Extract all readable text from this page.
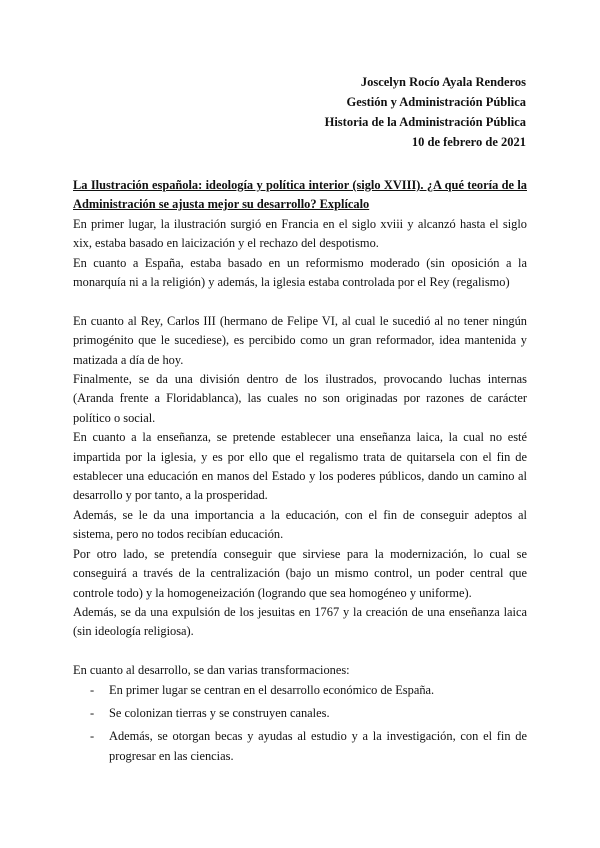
Joscelyn Rocío Ayala Renderos
Gestión y Administración Pública
Historia de la Administración Pública
10 de febrero de 2021

La Ilustración española: ideología y política interior (siglo XVIII). ¿A qué teoría de la Administración se ajusta mejor su desarrollo? Explícalo

En primer lugar, la ilustración surgió en Francia en el siglo xviii y alcanzó hasta el siglo xix, estaba basado en laicización y el rechazo del despotismo.

En cuanto a España, estaba basado en un reformismo moderado (sin oposición a la monarquía ni a la religión) y además, la iglesia estaba controlada por el Rey (regalismo)

En cuanto al Rey, Carlos III (hermano de Felipe VI, al cual le sucedió al no tener ningún primogénito que le sucediese), es percibido como un gran reformador, idea mantenida y matizada a día de hoy.

Finalmente, se da una división dentro de los ilustrados, provocando luchas internas (Aranda frente a Floridablanca), las cuales no son originadas por razones de carácter político o social.

En cuanto a la enseñanza, se pretende establecer una enseñanza laica, la cual no esté impartida por la iglesia, y es por ello que el regalismo trata de quitarsela con el fin de establecer una educación en manos del Estado y los poderes públicos, dando un camino al desarrollo y por tanto, a la prosperidad.

Además, se le da una importancia a la educación, con el fin de conseguir adeptos al sistema, pero no todos recibían educación.

Por otro lado, se pretendía conseguir que sirviese para la modernización, lo cual se conseguirá a través de la centralización (bajo un mismo control, un poder central que controle todo) y la homogeneización (logrando que sea homogéneo y uniforme).

Además, se da una expulsión de los jesuitas en 1767 y la creación de una enseñanza laica (sin ideología religiosa).

En cuanto al desarrollo, se dan varias transformaciones:

- En primer lugar se centran en el desarrollo económico de España.
- Se colonizan tierras y se construyen canales.
- Además, se otorgan becas y ayudas al estudio y a la investigación, con el fin de progresar en las ciencias.
